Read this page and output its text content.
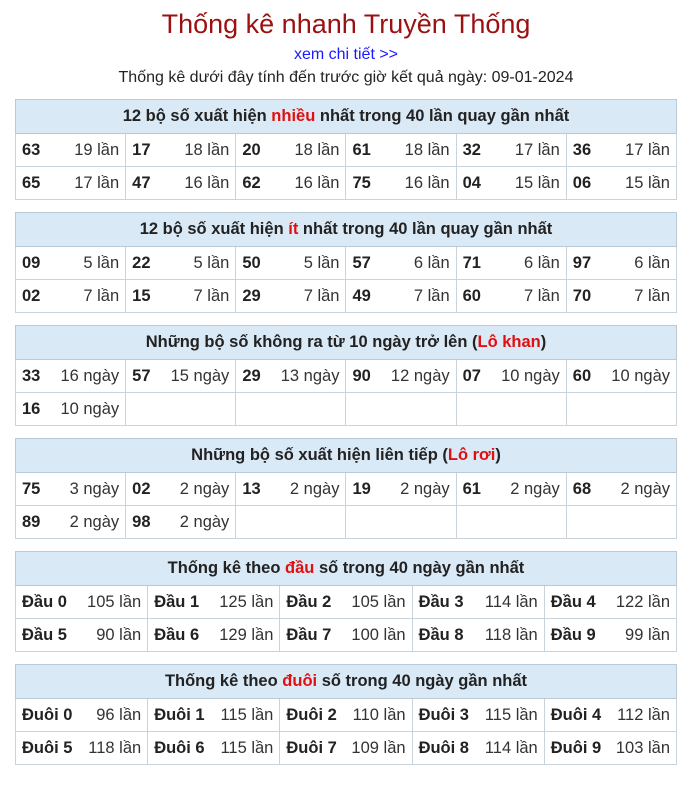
Thống kê nhanh Truyền Thống
xem chi tiết >>
Thống kê dưới đây tính đến trước giờ kết quả ngày: 09-01-2024
12 bộ số xuất hiện nhiều nhất trong 40 lần quay gần nhất					

63 19 lần	17 18 lần	20 18 lần	61 18 lần	32 17 lần	36 17 lần

65 17 lần	47 16 lần	62 16 lần	75 16 lần	04 15 lần	06 15 lần
12 bộ số xuất hiện ít nhất trong 40 lần quay gần nhất					

09 5 lần	22 5 lần	50 5 lần	57 6 lần	71 6 lần	97 6 lần

02 7 lần	15 7 lần	29 7 lần	49 7 lần	60 7 lần	70 7 lần
Những bộ số không ra từ 10 ngày trở lên (Lô khan)					

33 16 ngày	57 15 ngày	29 13 ngày	90 12 ngày	07 10 ngày	60 10 ngày

16 10 ngày					

Những bộ số xuất hiện liên tiếp (Lô rơi)					

75 3 ngày	02 2 ngày	13 2 ngày	19 2 ngày	61 2 ngày	68 2 ngày

89 2 ngày	98 2 ngày				

Thống kê theo đầu số trong 40 ngày gần nhất				

Đầu 0 105 lần	Đầu 1 125 lần	Đầu 2 105 lần	Đầu 3 114 lần	Đầu 4 122 lần

Đầu 5 90 lần	Đầu 6 129 lần	Đầu 7 100 lần	Đầu 8 118 lần	Đầu 9 99 lần
Thống kê theo đuôi số trong 40 ngày gần nhất				

Đuôi 0 96 lần	Đuôi 1 115 lần	Đuôi 2 110 lần	Đuôi 3 115 lần	Đuôi 4 112 lần

Đuôi 5 118 lần	Đuôi 6 115 lần	Đuôi 7 109 lần	Đuôi 8 114 lần	Đuôi 9 103 lần
